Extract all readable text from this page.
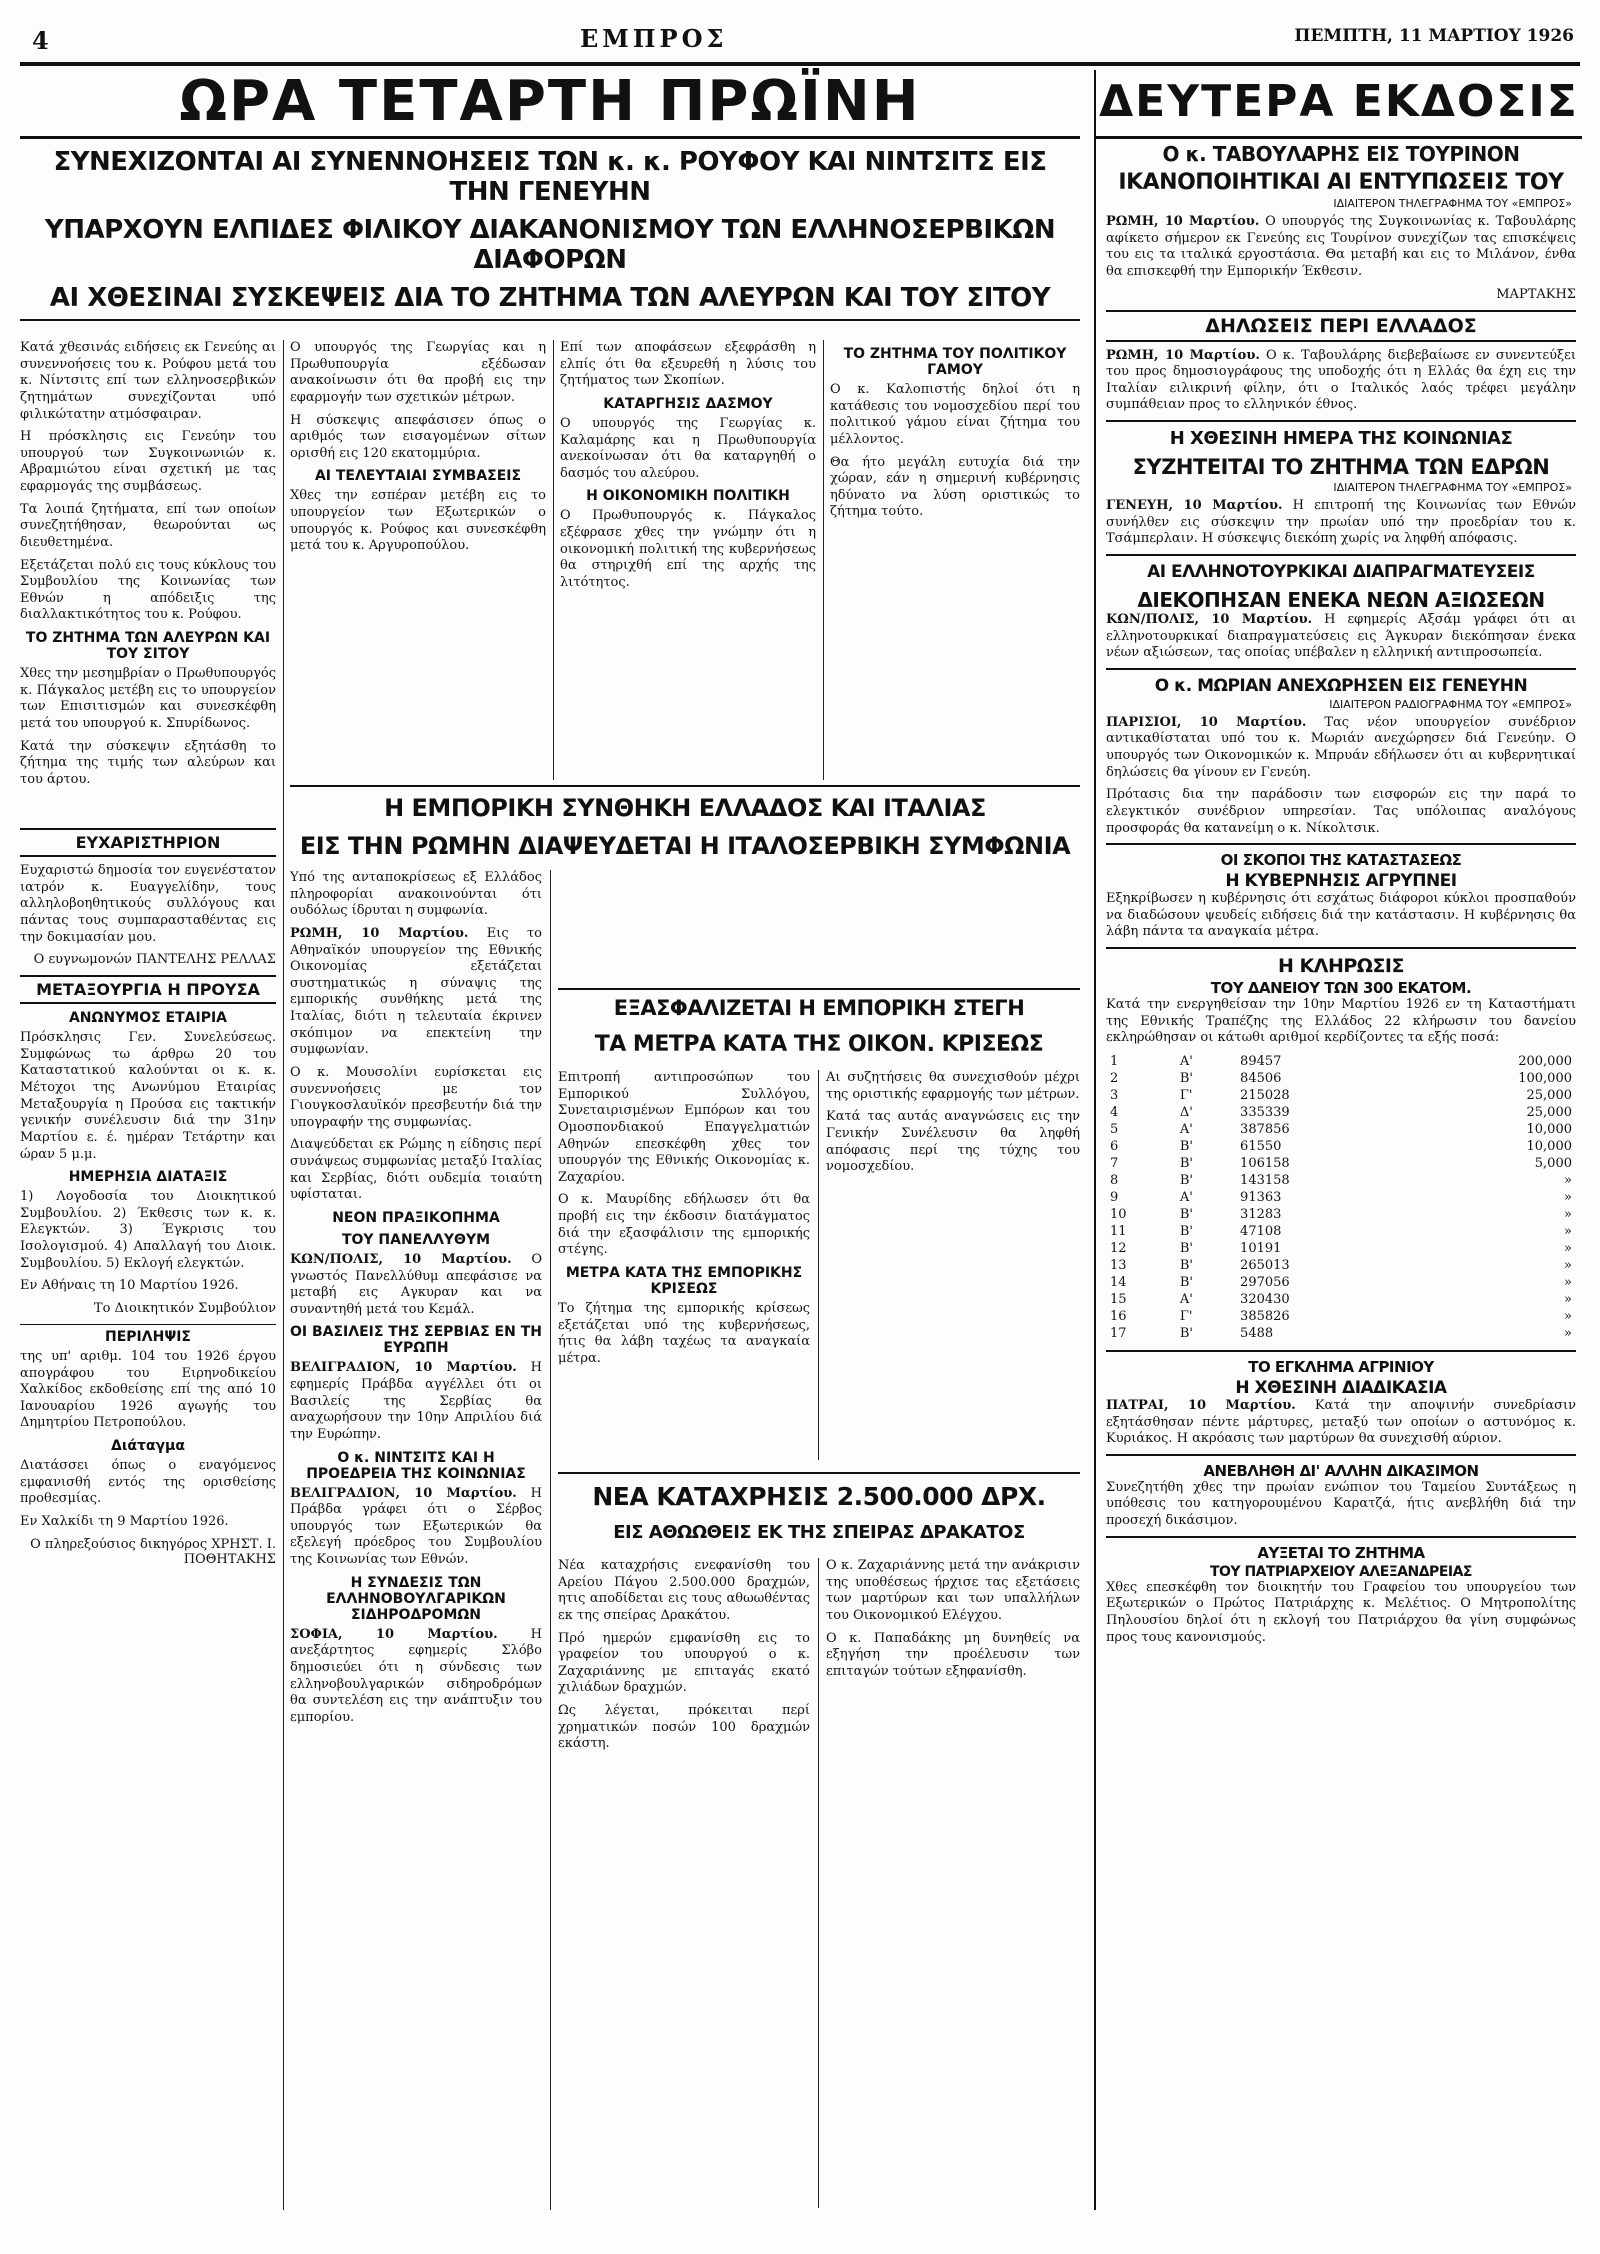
4	ΕΜΠΡΟΣ	ΠΕΜΠΤΗ, 11 ΜΑΡΤΙΟΥ 1926
ΩΡΑ ΤΕΤΑΡΤΗ ΠΡΩΪΝΗ
ΣΥΝΕΧΙΖΟΝΤΑΙ ΑΙ ΣΥΝΕΝΝΟΗΣΕΙΣ ΤΩΝ κ. κ. ΡΟΥΦΟΥ ΚΑΙ ΝΙΝΤΣΙΤΣ ΕΙΣ ΤΗΝ ΓΕΝΕΥΗΝ
ΥΠΑΡΧΟΥΝ ΕΛΠΙΔΕΣ ΦΙΛΙΚΟΥ ΔΙΑΚΑΝΟΝΙΣΜΟΥ ΤΩΝ ΕΛΛΗΝΟΣΕΡΒΙΚΩΝ ΔΙΑΦΟΡΩΝ
ΑΙ ΧΘΕΣΙΝΑΙ ΣΥΣΚΕΨΕΙΣ ΔΙΑ ΤΟ ΖΗΤΗΜΑ ΤΩΝ ΑΛΕΥΡΩΝ ΚΑΙ ΤΟΥ ΣΙΤΟΥ

Κατά χθεσινάς ειδήσεις εκ Γενεύης αι συνεννοήσεις του κ. Ρούφου μετά του κ. Νίντσιτς επί των ελληνοσερβικών ζητημάτων συνεχίζονται υπό φιλικώτατην ατμόσφαιραν.

Η πρόσκλησις εις Γενεύην του υπουργού των Συγκοινωνιών κ. Αβραμιώτου είναι σχετική με τας εφαρμογάς της συμβάσεως.

Τα λοιπά ζητήματα, επί των οποίων συνεζητήθησαν, θεωρούνται ως διευθετημένα.

Εξετάζεται πολύ εις τους κύκλους του Συμβουλίου της Κοινωνίας των Εθνών η απόδειξις της διαλλακτικότητος του κ. Ρούφου.

ΤΟ ΖΗΤΗΜΑ ΤΩΝ ΑΛΕΥΡΩΝ ΚΑΙ ΤΟΥ ΣΙΤΟΥ

Χθες την μεσημβρίαν ο Πρωθυπουργός κ. Πάγκαλος μετέβη εις το υπουργείον των Επισιτισμών και συνεσκέφθη μετά του υπουργού κ. Σπυρίδωνος.

Κατά την σύσκεψιν εξητάσθη το ζήτημα της τιμής των αλεύρων και του άρτου.

Ο υπουργός της Γεωργίας και η Πρωθυπουργία εξέδωσαν ανακοίνωσιν ότι θα προβή εις την εφαρμογήν των σχετικών μέτρων.

Η σύσκεψις απεφάσισεν όπως ο αριθμός των εισαγομένων σίτων ορισθή εις 120 εκατομμύρια.

ΑΙ ΤΕΛΕΥΤΑΙΑΙ ΣΥΜΒΑΣΕΙΣ

Χθες την εσπέραν μετέβη εις το υπουργείον των Εξωτερικών ο υπουργός κ. Ρούφος και συνεσκέφθη μετά του κ. Αργυροπούλου.

Επί των αποφάσεων εξεφράσθη η ελπίς ότι θα εξευρεθή η λύσις του ζητήματος των Σκοπίων.

ΚΑΤΑΡΓΗΣΙΣ ΔΑΣΜΟΥ

Ο υπουργός της Γεωργίας κ. Καλαμάρης και η Πρωθυπουργία ανεκοίνωσαν ότι θα καταργηθή ο δασμός του αλεύρου.

Η ΟΙΚΟΝΟΜΙΚΗ ΠΟΛΙΤΙΚΗ

Ο Πρωθυπουργός κ. Πάγκαλος εξέφρασε χθες την γνώμην ότι η οικονομική πολιτική της κυβερνήσεως θα στηριχθή επί της αρχής της λιτότητος.

ΤΟ ΖΗΤΗΜΑ ΤΟΥ ΠΟΛΙΤΙΚΟΥ ΓΑΜΟΥ

Ο κ. Καλοπιστής δηλοί ότι η κατάθεσις του νομοσχεδίου περί του πολιτικού γάμου είναι ζήτημα του μέλλοντος.

Θα ήτο μεγάλη ευτυχία διά την χώραν, εάν η σημερινή κυβέρνησις ηδύνατο να λύση οριστικώς το ζήτημα τούτο.

ΕΥΧΑΡΙΣΤΗΡΙΟΝ

Ευχαριστώ δημοσία τον ευγενέστατον ιατρόν κ. Ευαγγελίδην, τους αλληλοβοηθητικούς συλλόγους και πάντας τους συμπαρασταθέντας εις την δοκιμασίαν μου.

Ο ευγνωμονών ΠΑΝΤΕΛΗΣ ΡΕΛΛΑΣ
ΜΕΤΑΞΟΥΡΓΙΑ Η ΠΡΟΥΣΑ
ΑΝΩΝΥΜΟΣ ΕΤΑΙΡΙΑ

Πρόσκλησις Γεν. Συνελεύσεως. Συμφώνως τω άρθρω 20 του Καταστατικού καλούνται οι κ. κ. Μέτοχοι της Ανωνύμου Εταιρίας Μεταξουργία η Προύσα εις τακτικήν γενικήν συνέλευσιν διά την 31ην Μαρτίου ε. έ. ημέραν Τετάρτην και ώραν 5 μ.μ.

ΗΜΕΡΗΣΙΑ ΔΙΑΤΑΞΙΣ

1) Λογοδοσία του Διοικητικού Συμβουλίου. 2) Έκθεσις των κ. κ. Ελεγκτών. 3) Έγκρισις του Ισολογισμού. 4) Απαλλαγή του Διοικ. Συμβουλίου. 5) Εκλογή ελεγκτών.

Εν Αθήναις τη 10 Μαρτίου 1926.

Το Διοικητικόν Συμβούλιον
ΠΕΡΙΛΗΨΙΣ

της υπ' αριθμ. 104 του 1926 έργου απογράφου του Ειρηνοδικείου Χαλκίδος εκδοθείσης επί της από 10 Ιανουαρίου 1926 αγωγής του Δημητρίου Πετροπούλου.

Διάταγμα

Διατάσσει όπως ο εναγόμενος εμφανισθή εντός της ορισθείσης προθεσμίας.

Εν Χαλκίδι τη 9 Μαρτίου 1926.

Ο πληρεξούσιος δικηγόρος ΧΡΗΣΤ. Ι. ΠΟΘΗΤΑΚΗΣ
Η ΕΜΠΟΡΙΚΗ ΣΥΝΘΗΚΗ ΕΛΛΑΔΟΣ ΚΑΙ ΙΤΑΛΙΑΣ
ΕΙΣ ΤΗΝ ΡΩΜΗΝ ΔΙΑΨΕΥΔΕΤΑΙ Η ΙΤΑΛΟΣΕΡΒΙΚΗ ΣΥΜΦΩΝΙΑ

Υπό της ανταποκρίσεως εξ Ελλάδος πληροφορίαι ανακοινούνται ότι ουδόλως ίδρυται η συμφωνία.

ΡΩΜΗ, 10 Μαρτίου. Εις το Αθηναϊκόν υπουργείον της Εθνικής Οικονομίας εξετάζεται συστηματικώς η σύναψις της εμπορικής συνθήκης μετά της Ιταλίας, διότι η τελευταία έκρινεν σκόπιμον να επεκτείνη την συμφωνίαν.

Ο κ. Μουσολίνι ευρίσκεται εις συνεννοήσεις με τον Γιουγκοσλαυϊκόν πρεσβευτήν διά την υπογραφήν της συμφωνίας.

Διαψεύδεται εκ Ρώμης η είδησις περί συνάψεως συμφωνίας μεταξύ Ιταλίας και Σερβίας, διότι ουδεμία τοιαύτη υφίσταται.

ΝΕΟΝ ΠΡΑΞΙΚΟΠΗΜΑ
ΤΟΥ ΠΑΝΕΛΛΥΘΥΜ

ΚΩΝ/ΠΟΛΙΣ, 10 Μαρτίου. Ο γνωστός Πανελλύθυμ απεφάσισε να μεταβή εις Αγκυραν και να συναντηθή μετά του Κεμάλ.

ΟΙ ΒΑΣΙΛΕΙΣ ΤΗΣ ΣΕΡΒΙΑΣ ΕΝ ΤΗ ΕΥΡΩΠΗ

ΒΕΛΙΓΡΑΔΙΟΝ, 10 Μαρτίου. Η εφημερίς Πράβδα αγγέλλει ότι οι Βασιλείς της Σερβίας θα αναχωρήσουν την 10ην Απριλίου διά την Ευρώπην.

Ο κ. ΝΙΝΤΣΙΤΣ ΚΑΙ Η ΠΡΟΕΔΡΕΙΑ ΤΗΣ ΚΟΙΝΩΝΙΑΣ

ΒΕΛΙΓΡΑΔΙΟΝ, 10 Μαρτίου. Η Πράβδα γράφει ότι ο Σέρβος υπουργός των Εξωτερικών θα εξελεγή πρόεδρος του Συμβουλίου της Κοινωνίας των Εθνών.

Η ΣΥΝΔΕΣΙΣ ΤΩΝ ΕΛΛΗΝΟΒΟΥΛΓΑΡΙΚΩΝ ΣΙΔΗΡΟΔΡΟΜΩΝ

ΣΟΦΙΑ, 10 Μαρτίου.	Η ανεξάρτητος εφημερίς Σλόβο δημοσιεύει ότι η σύνδεσις των ελληνοβουλγαρικών σιδηροδρόμων θα συντελέση εις την ανάπτυξιν του εμπορίου.

ΕΞΑΣΦΑΛΙΖΕΤΑΙ Η ΕΜΠΟΡΙΚΗ ΣΤΕΓΗ
ΤΑ ΜΕΤΡΑ ΚΑΤΑ ΤΗΣ ΟΙΚΟΝ. ΚΡΙΣΕΩΣ

Επιτροπή αντιπροσώπων του Εμπορικού Συλλόγου, Συνεταιρισμένων Εμπόρων και του Ομοσπονδιακού Επαγγελματιών Αθηνών επεσκέφθη χθες τον υπουργόν της Εθνικής Οικονομίας κ. Ζαχαρίου.

Ο κ. Μαυρίδης εδήλωσεν ότι θα προβή εις την έκδοσιν διατάγματος διά την εξασφάλισιν της εμπορικής στέγης.

ΜΕΤΡΑ ΚΑΤΑ ΤΗΣ ΕΜΠΟΡΙΚΗΣ ΚΡΙΣΕΩΣ

Το ζήτημα της εμπορικής κρίσεως εξετάζεται υπό της κυβερνήσεως, ήτις θα λάβη ταχέως τα αναγκαία μέτρα.

Αι συζητήσεις θα συνεχισθούν μέχρι της οριστικής εφαρμογής των μέτρων.

Κατά τας αυτάς αναγνώσεις εις την Γενικήν Συνέλευσιν θα ληφθή απόφασις περί της τύχης του νομοσχεδίου.

ΝΕΑ ΚΑΤΑΧΡΗΣΙΣ 2.500.000 ΔΡΧ.
ΕΙΣ ΑΘΩΩΘΕΙΣ ΕΚ ΤΗΣ ΣΠΕΙΡΑΣ ΔΡΑΚΑΤΟΣ

Νέα καταχρήσις ενεφανίσθη του Αρείου Πάγου 2.500.000 δραχμών, ητις αποδίδεται εις τους αθωωθέντας εκ της σπείρας Δρακάτου.

Πρό ημερών εμφανίσθη εις το γραφείον του υπουργού ο κ. Ζαχαριάννης με επιταγάς εκατό χιλιάδων δραχμών.

Ως λέγεται, πρόκειται περί χρηματικών ποσών 100 δραχμών εκάστη.

Ο κ. Ζαχαριάννης μετά την ανάκρισιν της υποθέσεως ήρχισε τας εξετάσεις των μαρτύρων και των υπαλλήλων του Οικονομικού Ελέγχου.

Ο κ. Παπαδάκης μη δυνηθείς να εξηγήση την προέλευσιν των επιταγών τούτων εξηφανίσθη.

ΔΕΥΤΕΡΑ ΕΚΔΟΣΙΣ
Ο κ. ΤΑΒΟΥΛΑΡΗΣ ΕΙΣ ΤΟΥΡΙΝΟΝ
ΙΚΑΝΟΠΟΙΗΤΙΚΑΙ ΑΙ ΕΝΤΥΠΩΣΕΙΣ ΤΟΥ
ΙΔΙΑΙΤΕΡΟΝ ΤΗΛΕΓΡΑΦΗΜΑ ΤΟΥ «ΕΜΠΡΟΣ»

ΡΩΜΗ, 10 Μαρτίου. Ο υπουργός της Συγκοινωνίας κ. Ταβουλάρης αφίκετο σήμερον εκ Γενεύης εις Τουρίνον συνεχίζων τας επισκέψεις του εις τα ιταλικά εργοστάσια. Θα μεταβή και εις το Μιλάνον, ένθα θα επισκεφθή την Εμπορικήν Έκθεσιν.

ΜΑΡΤΑΚΗΣ
ΔΗΛΩΣΕΙΣ ΠΕΡΙ ΕΛΛΑΔΟΣ

ΡΩΜΗ, 10 Μαρτίου. Ο κ. Ταβουλάρης διεβεβαίωσε εν συνεντεύξει του προς δημοσιογράφους της υποδοχής ότι η Ελλάς θα έχη εις την Ιταλίαν ειλικρινή φίλην, ότι ο Ιταλικός λαός τρέφει μεγάλην συμπάθειαν προς το ελληνικόν έθνος.

Η ΧΘΕΣΙΝΗ ΗΜΕΡΑ ΤΗΣ ΚΟΙΝΩΝΙΑΣ
ΣΥΖΗΤΕΙΤΑΙ ΤΟ ΖΗΤΗΜΑ ΤΩΝ ΕΔΡΩΝ
ΙΔΙΑΙΤΕΡΟΝ ΤΗΛΕΓΡΑΦΗΜΑ ΤΟΥ «ΕΜΠΡΟΣ»

ΓΕΝΕΥΗ, 10 Μαρτίου. Η επιτροπή της Κοινωνίας των Εθνών συνήλθεν εις σύσκεψιν την πρωίαν υπό την προεδρίαν του κ. Τσάμπερλαιν. Η σύσκεψις διεκόπη χωρίς να ληφθή απόφασις.

ΑΙ ΕΛΛΗΝΟΤΟΥΡΚΙΚΑΙ ΔΙΑΠΡΑΓΜΑΤΕΥΣΕΙΣ
ΔΙΕΚΟΠΗΣΑΝ ΕΝΕΚΑ ΝΕΩΝ ΑΞΙΩΣΕΩΝ

ΚΩΝ/ΠΟΛΙΣ, 10 Μαρτίου. Η εφημερίς Αξσάμ γράφει ότι αι ελληνοτουρκικαί διαπραγματεύσεις εις Άγκυραν διεκόπησαν ένεκα νέων αξιώσεων, τας οποίας υπέβαλεν η ελληνική αντιπροσωπεία.

Ο κ. ΜΩΡΙΑΝ ΑΝΕΧΩΡΗΣΕΝ ΕΙΣ ΓΕΝΕΥΗΝ
ΙΔΙΑΙΤΕΡΟΝ ΡΑΔΙΟΓΡΑΦΗΜΑ ΤΟΥ «ΕΜΠΡΟΣ»

ΠΑΡΙΣΙΟΙ, 10 Μαρτίου. Τας νέον υπουργείον συνέδριον αντικαθίσταται υπό του κ. Μωριάν ανεχώρησεν διά Γενεύην. Ο υπουργός των Οικονομικών κ. Μπρυάν εδήλωσεν ότι αι κυβερνητικαί δηλώσεις θα γίνουν εν Γενεύη.

Πρότασις δια την παράδοσιν των εισφορών εις την παρά το ελεγκτικόν συνέδριον υπηρεσίαν. Τας υπόλοιπας αναλόγους προσφοράς θα κατανείμη ο κ. Νίκολτσικ.

ΟΙ ΣΚΟΠΟΙ ΤΗΣ ΚΑΤΑΣΤΑΣΕΩΣ
Η ΚΥΒΕΡΝΗΣΙΣ ΑΓΡΥΠΝΕΙ

Εξηκρίβωσεν η κυβέρνησις ότι εσχάτως διάφοροι κύκλοι προσπαθούν να διαδώσουν ψευδείς ειδήσεις διά την κατάστασιν. Η κυβέρνησις θα λάβη πάντα τα αναγκαία μέτρα.

Η ΚΛΗΡΩΣΙΣ
ΤΟΥ ΔΑΝΕΙΟΥ ΤΩΝ 300 ΕΚΑΤΟΜ.

Κατά την ενεργηθείσαν την 10ην Μαρτίου 1926 εν τη Καταστήματι της Εθνικής Τραπέζης της Ελλάδος 22 κλήρωσιν του δανείου εκληρώθησαν οι κάτωθι αριθμοί κερδίζοντες τα εξής ποσά:

1	Α'	89457	200,000
2	Β'	84506	100,000
3	Γ'	215028	25,000
4	Δ'	335339	25,000
5	Α'	387856	10,000
6	Β'	61550	10,000
7	Β'	106158	5,000
8	Β'	143158	»
9	Α'	91363	»
10	Β'	31283	»
11	Β'	47108	»
12	Β'	10191	»
13	Β'	265013	»
14	Β'	297056	»
15	Α'	320430	»
16	Γ'	385826	»
17	Β'	5488	»
ΤΟ ΕΓΚΛΗΜΑ ΑΓΡΙΝΙΟΥ
Η ΧΘΕΣΙΝΗ ΔΙΑΔΙΚΑΣΙΑ

ΠΑΤΡΑΙ, 10 Μαρτίου. Κατά την αποψινήν συνεδρίασιν εξητάσθησαν πέντε μάρτυρες, μεταξύ των οποίων ο αστυνόμος κ. Κυριάκος. Η ακρόασις των μαρτύρων θα συνεχισθή αύριον.

ΑΝΕΒΛΗΘΗ ΔΙ' ΑΛΛΗΝ ΔΙΚΑΣΙΜΟΝ

Συνεζητήθη χθες την πρωίαν ενώπιον του Ταμείου Συντάξεως η υπόθεσις του κατηγορουμένου Καρατζά, ήτις ανεβλήθη διά την προσεχή δικάσιμον.

ΑΥΞΕΤΑΙ ΤΟ ΖΗΤΗΜΑ
ΤΟΥ ΠΑΤΡΙΑΡΧΕΙΟΥ ΑΛΕΞΑΝΔΡΕΙΑΣ

Χθες επεσκέφθη τον διοικητήν του Γραφείου του υπουργείου των Εξωτερικών ο Πρώτος Πατριάρχης κ. Μελέτιος. Ο Μητροπολίτης Πηλουσίου δηλοί ότι η εκλογή του Πατριάρχου θα γίνη συμφώνως προς τους κανονισμούς.
